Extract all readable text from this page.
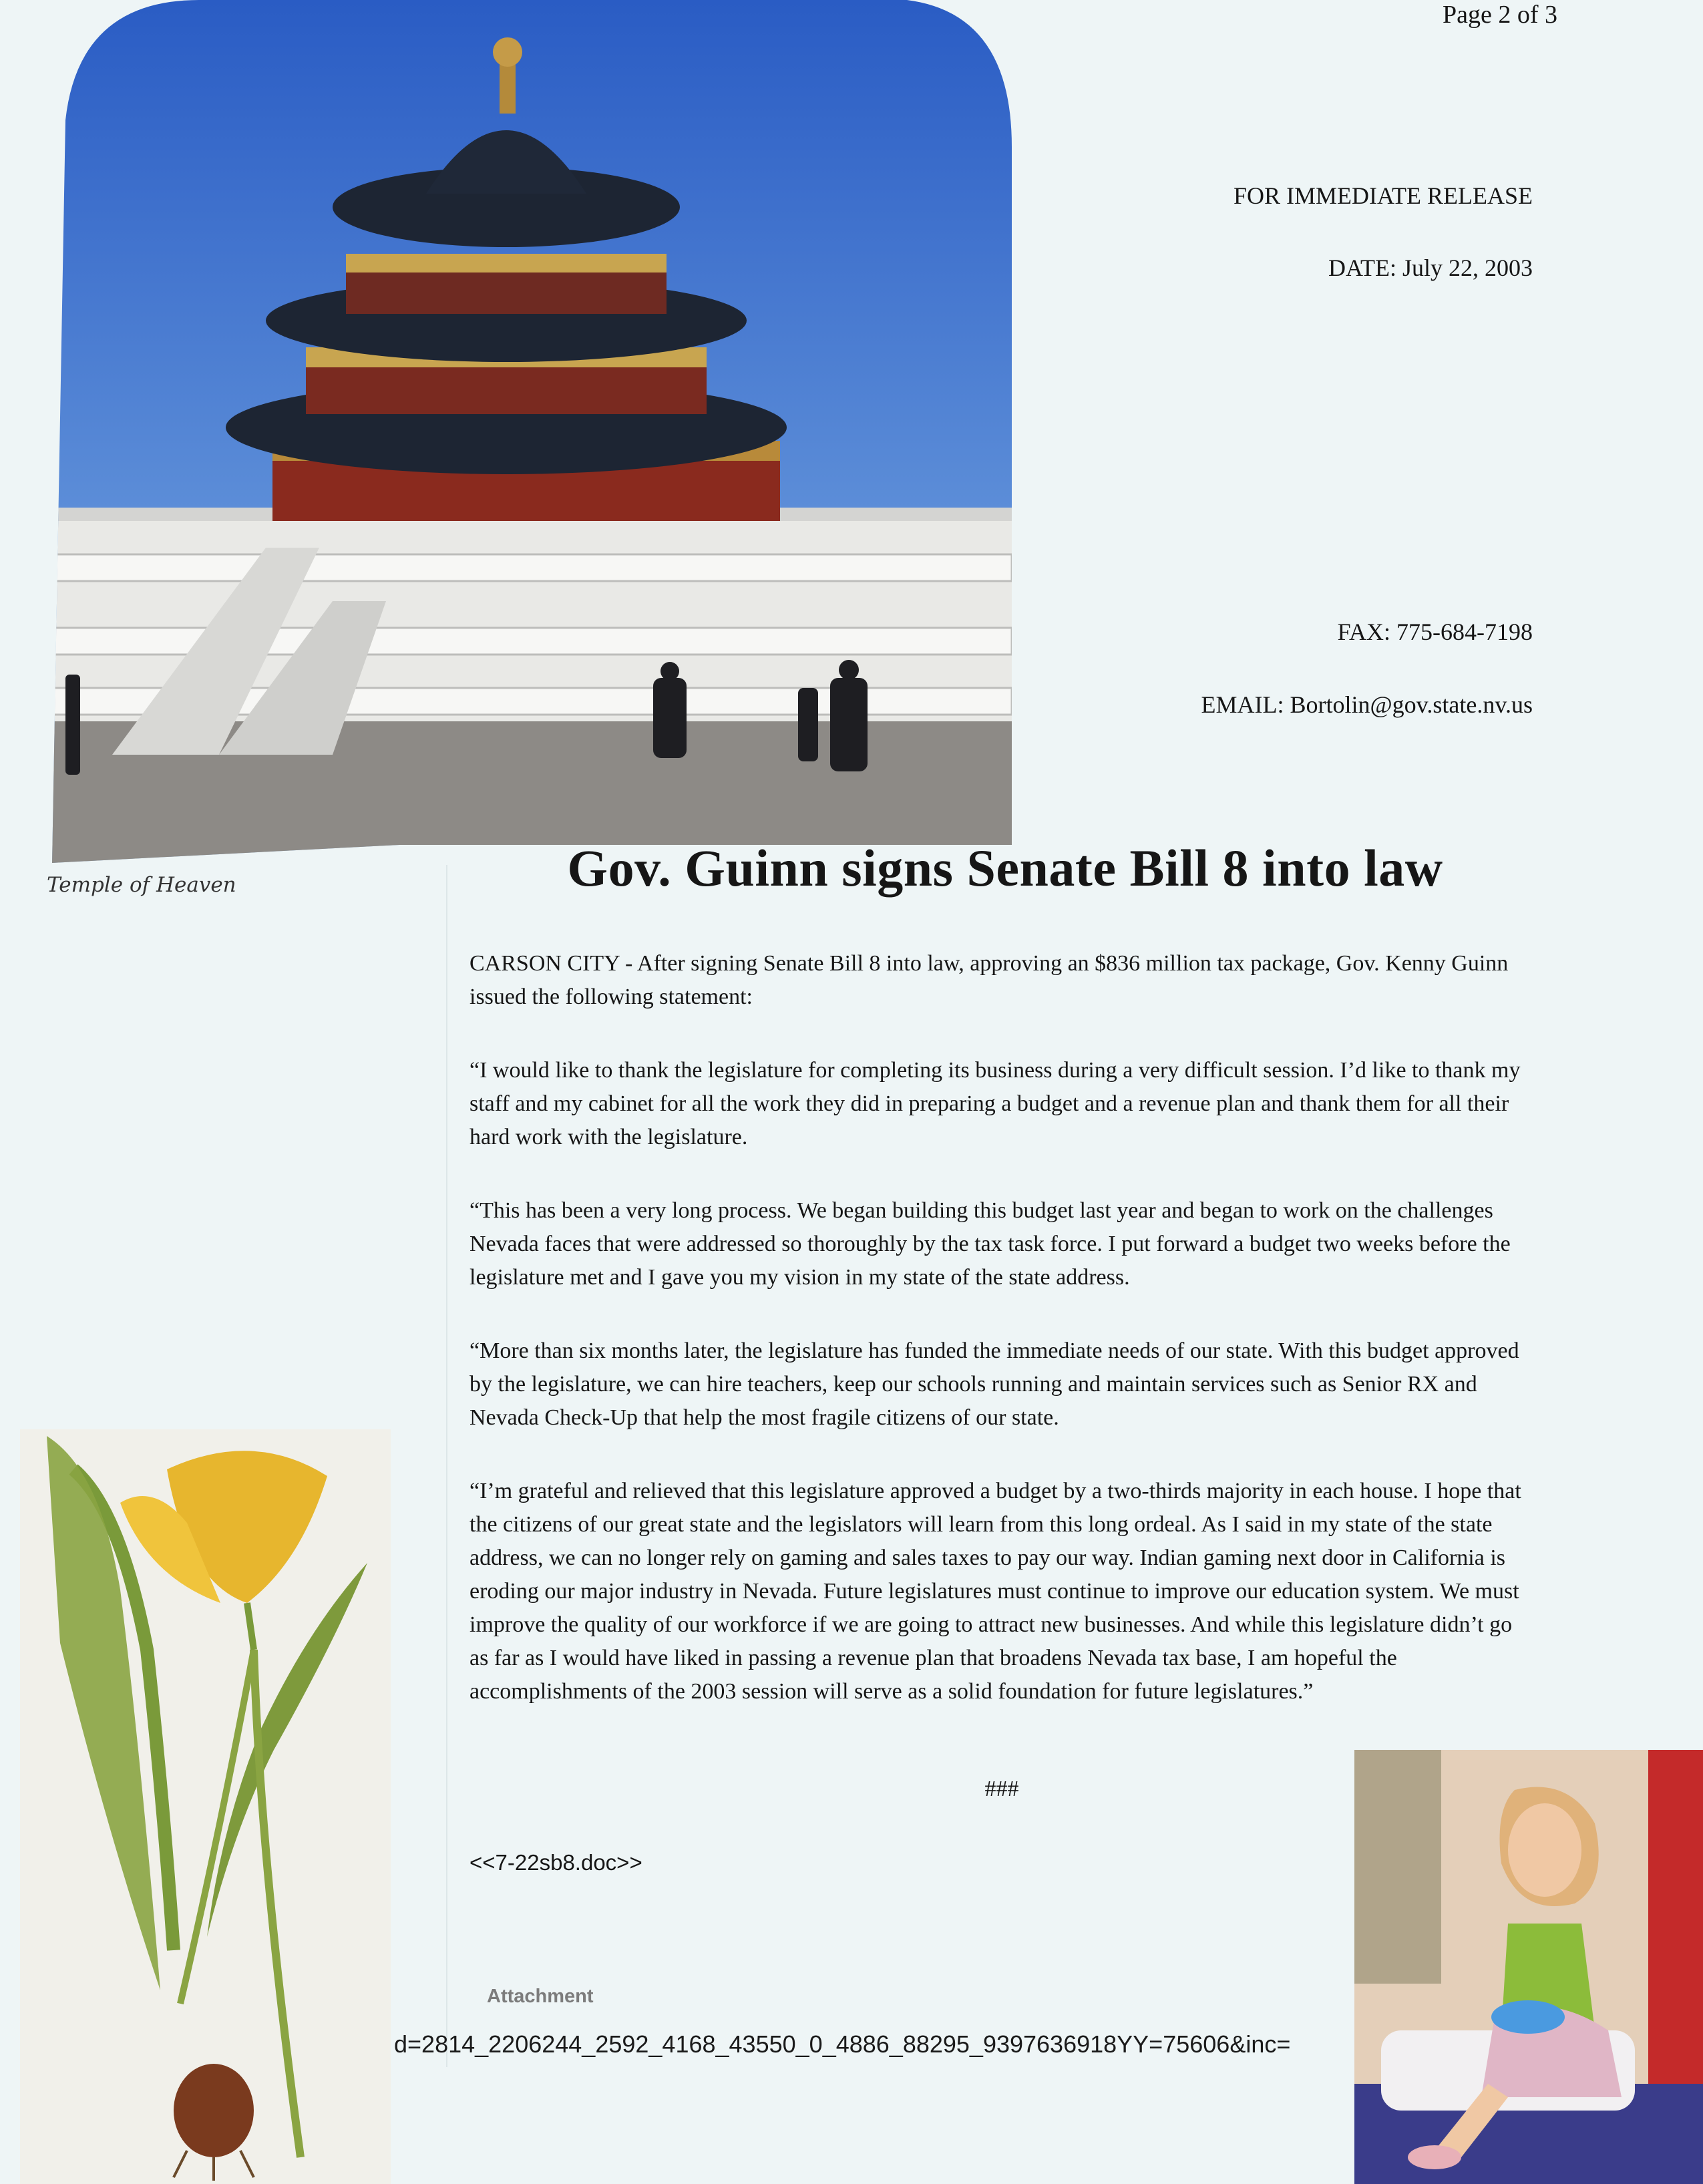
Page 2 of 3
Temple of Heaven
FOR IMMEDIATE RELEASE
DATE: July 22, 2003
FAX: 775-684-7198
EMAIL: Bortolin@gov.state.nv.us
Gov. Guinn signs Senate Bill 8 into law

CARSON CITY - After signing Senate Bill 8 into law, approving an $836 million tax package, Gov. Kenny Guinn issued the following statement:

“I would like to thank the legislature for completing its business during a very difficult session. I’d like to thank my staff and my cabinet for all the work they did in preparing a budget and a revenue plan and thank them for all their hard work with the legislature.

“This has been a very long process. We began building this budget last year and began to work on the challenges Nevada faces that were addressed so thoroughly by the tax task force. I put forward a budget two weeks before the legislature met and I gave you my vision in my state of the state address.

“More than six months later, the legislature has funded the immediate needs of our state. With this budget approved by the legislature, we can hire teachers, keep our schools running and maintain services such as Senior RX and Nevada Check-Up that help the most fragile citizens of our state.

“I’m grateful and relieved that this legislature approved a budget by a two-thirds majority in each house. I hope that the citizens of our great state and the legislators will learn from this long ordeal. As I said in my state of the state address, we can no longer rely on gaming and sales taxes to pay our way. Indian gaming next door in California is eroding our major industry in Nevada. Future legislatures must continue to improve our education system. We must improve the quality of our workforce if we are going to attract new businesses. And while this legislature didn’t go as far as I would have liked in passing a revenue plan that broadens Nevada tax base, I am hopeful the accomplishments of the 2003 session will serve as a solid foundation for future legislatures.”

###
<<7-22sb8.doc>>
Attachment
d=2814_2206244_2592_4168_43550_0_4886_88295_9397636918YY=75606&inc=
